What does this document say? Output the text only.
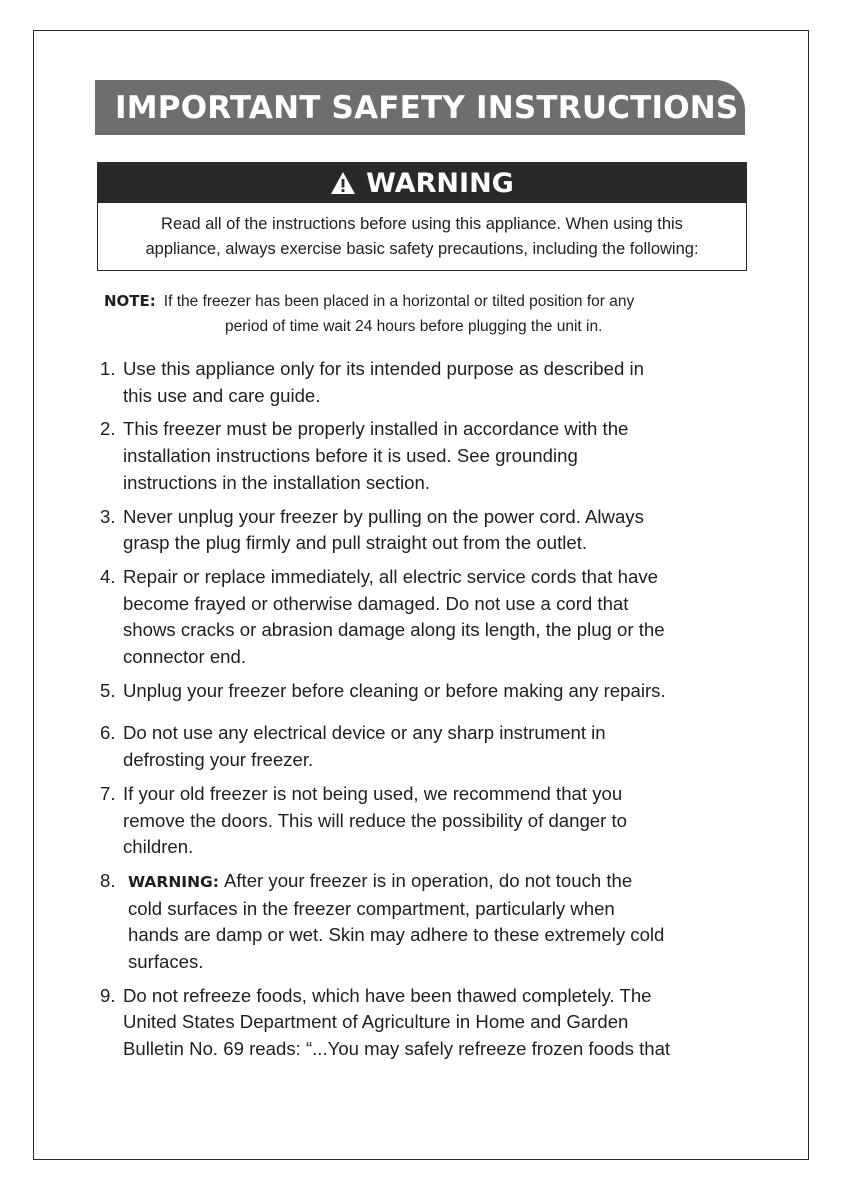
IMPORTANT SAFETY INSTRUCTIONS
WARNING
Read all of the instructions before using this appliance. When using this
appliance, always exercise basic safety precautions, including the following:
NOTE: If the freezer has been placed in a horizontal or tilted position for any
period of time wait 24 hours before plugging the unit in.
1. Use this appliance only for its intended purpose as described in
this use and care guide.
2. This freezer must be properly installed in accordance with the
installation instructions before it is used. See grounding
instructions in the installation section.
3. Never unplug your freezer by pulling on the power cord. Always
grasp the plug firmly and pull straight out from the outlet.
4. Repair or replace immediately, all electric service cords that have
become frayed or otherwise damaged. Do not use a cord that
shows cracks or abrasion damage along its length, the plug or the
connector end.
5. Unplug your freezer before cleaning or before making any repairs.
6. Do not use any electrical device or any sharp instrument in
defrosting your freezer.
7. If your old freezer is not being used, we recommend that you
remove the doors. This will reduce the possibility of danger to
children.
8. WARNING: After your freezer is in operation, do not touch the
cold surfaces in the freezer compartment, particularly when
hands are damp or wet. Skin may adhere to these extremely cold
surfaces.
9. Do not refreeze foods, which have been thawed completely. The
United States Department of Agriculture in Home and Garden
Bulletin No. 69 reads: “...You may safely refreeze frozen foods that
